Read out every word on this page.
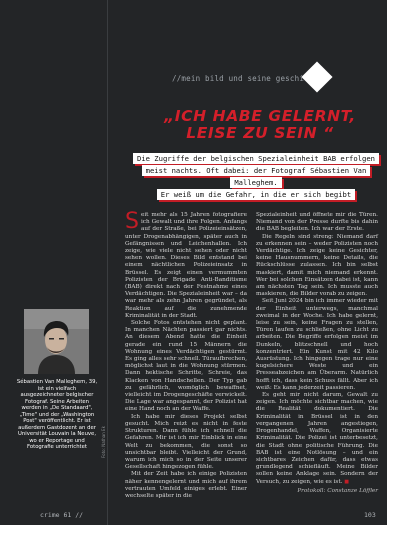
//mein bild und seine geschichte
„ICH HABE GELERNT,
LEISE ZU SEIN “
Die Zugriffe der belgischen Spezialeinheit BAB erfolgen
meist nachts. Oft dabei: der Fotograf Sébastien Van Malleghem.
Er weiß um die Gefahr, in die er sich begibt

Seit mehr als 15 Jahren fotografiere ich Gewalt und ihre Folgen. Anfangs auf der Straße, bei Polizeieinsätzen, unter Drogenabhängigen, später auch in Gefängnissen und Leichenhallen. Ich zeige, wie viele nicht sehen oder nicht sehen wollen. Dieses Bild entstand bei einem nächtlichen Polizeieinsatz in Brüssel. Es zeigt einen vermummten Polizisten der Brigade Anti-Banditisme (BAB) direkt nach der Festnahme eines Verdächtigen. Die Spezialeinheit war – da war mehr als zehn Jahren gegründet, als Reaktion auf die zunehmende Kriminalität in der Stadt.

Solche Fotos entstehen nicht geplant. In manchen Nächten passiert gar nichts. An diesem Abend hatte die Einheit gerade ein rund 15 Männern die Wohnung eines Verdächtigen gestürmt. Es ging alles sehr schnell. Türaufbrechen, möglichst laut in die Wohnung stürmen. Dann hektische Schritte, Schreie, das Klacken von Handschellen. Der Typ gab zu gefährlich, womöglich bewaffnet, vielleicht im Drogengeschäfte verwickelt. Die Lage war angespannt, der Polizist hat eine Hand noch an der Waffe.

Ich habe mir dieses Projekt selbst gesucht. Mich reizt es nicht in feste Strukturen. Dann fühle ich schnell die Gefahren. Mir ist ich mir Einblick in eine Welt zu bekommen, die sonst so unsichtbar bleibt. Vielleicht der Grund, warum ich mich so in der Seite unserer Gesellschaft hingezogen fühle.

Mit der Zeit habe ich einige Polizisten näher kennengelernt und mich auf ihrem vertrauten Umfeld einiges erlebt. Einer wechselte später in die

Spezialeinheit und öffnete mir die Türen. Niemand von der Presse durfte bis dahin die BAB begleiten. Ich war der Erste.

Die Regeln sind streng: Niemand darf zu erkennen sein – weder Polizisten noch Verdächtige. Ich zeige keine Gesichter, keine Hausnummern, keine Details, die Rückschlüsse zulassen. Ich bin selbst maskiert, damit mich niemand erkennt. Wer bei solchen Einsätzen dabei ist, kann am nächsten Tag sein. Ich musste auch maskieren, die Bilder vorab zu zeigen.

Seit Juni 2024 bin ich immer wieder mit der Einheit unterwegs, manchmal zweimal in der Woche. Ich habe gelernt, leise zu sein, keine Fragen zu stellen, Türen laufen zu schließen, ohne Licht zu arbeiten. Die Begriffe erfolgen meist im Dunkeln, blitzschnell und hoch konzentriert. Ein Kunst mit 42 Kilo Ausrüstung. Ich hingegen trage nur eine kugelsichere Weste und ein Presseabzeichen am Überarm. Natürlich hofft ich, dass kein Schuss fällt. Aber ich weiß: Es kann jederzeit passieren.

Es geht mir nicht darum, Gewalt zu zeigen. Ich möchte sichtbar machen, wie die Realität dokumentiert. Die Kriminalität in Brüssel ist in den vergangenen Jahren angestiegen, Drogenhandel, Waffen, Organisierte Kriminalität. Die Polizei ist unterbesetzt, die Stadt ohne politische Führung. Die BAB ist eine Notlösung – und ein sichtbares Zeichen dafür, dass etwas grundlegend schiefläuft. Meine Bilder sollen keine Anklage sein. Sondern der Versuch, zu zeigen, wie es ist. ■

Protokoll: Constanze Löffler
Sébastien Van Malleghem, 39, ist ein vielfach ausgezeichneter belgischer Fotograf. Seine Arbeiten werden in „De Standaard", „Time" und der „Washington Post" veröffentlicht. Er ist außerdem Gastdozent an der Universität Louvain la Neuve, wo er Reportage und Fotografie unterrichtet	Foto: Nathan Ek
crime 61 //	103
